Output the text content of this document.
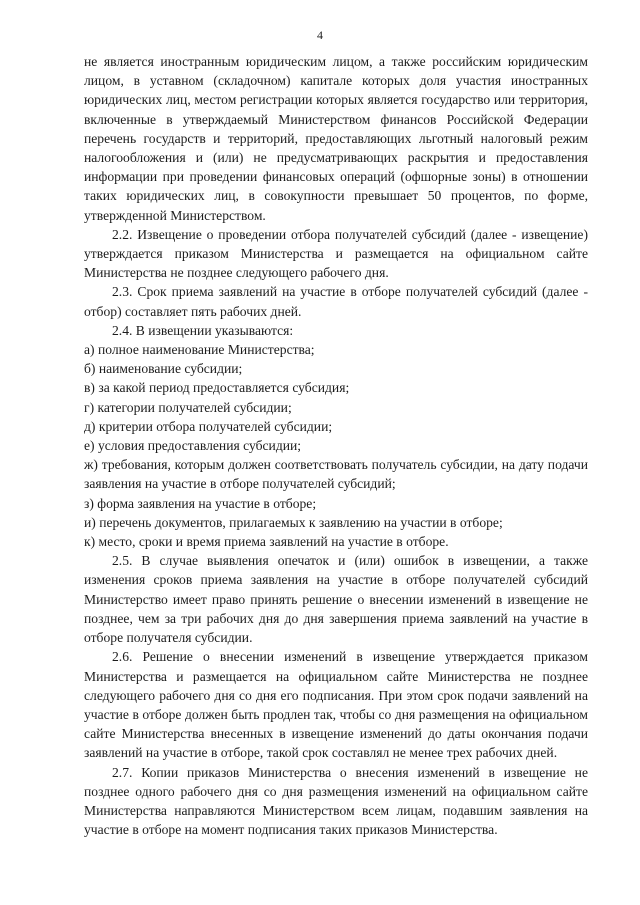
4

не является иностранным юридическим лицом, а также российским юридическим лицом, в уставном (складочном) капитале которых доля участия иностранных юридических лиц, местом регистрации которых является государство или территория, включенные в утверждаемый Министерством финансов Российской Федерации перечень государств и территорий, предоставляющих льготный налоговый режим налогообложения и (или) не предусматривающих раскрытия и предоставления информации при проведении финансовых операций (офшорные зоны) в отношении таких юридических лиц, в совокупности превышает 50 процентов, по форме, утвержденной Министерством.

2.2. Извещение о проведении отбора получателей субсидий (далее - извещение) утверждается приказом Министерства и размещается на официальном сайте Министерства не позднее следующего рабочего дня.

2.3. Срок приема заявлений на участие в отборе получателей субсидий (далее - отбор) составляет пять рабочих дней.

2.4. В извещении указываются:

а) полное наименование Министерства;

б) наименование субсидии;

в) за какой период предоставляется субсидия;

г) категории получателей субсидии;

д) критерии отбора получателей субсидии;

е) условия предоставления субсидии;

ж) требования, которым должен соответствовать получатель субсидии, на дату подачи заявления на участие в отборе получателей субсидий;

з) форма заявления на участие в отборе;

и) перечень документов, прилагаемых к заявлению на участии в отборе;

к) место, сроки и время приема заявлений на участие в отборе.

2.5. В случае выявления опечаток и (или) ошибок в извещении, а также изменения сроков приема заявления на участие в отборе получателей субсидий Министерство имеет право принять решение о внесении изменений в извещение не позднее, чем за три рабочих дня до дня завершения приема заявлений на участие в отборе получателя субсидии.

2.6. Решение о внесении изменений в извещение утверждается приказом Министерства и размещается на официальном сайте Министерства не позднее следующего рабочего дня со дня его подписания. При этом срок подачи заявлений на участие в отборе должен быть продлен так, чтобы со дня размещения на официальном сайте Министерства внесенных в извещение изменений до даты окончания подачи заявлений на участие в отборе, такой срок составлял не менее трех рабочих дней.

2.7. Копии приказов Министерства о внесения изменений в извещение не позднее одного рабочего дня со дня размещения изменений на официальном сайте Министерства направляются Министерством всем лицам, подавшим заявления на участие в отборе на момент подписания таких приказов Министерства.
